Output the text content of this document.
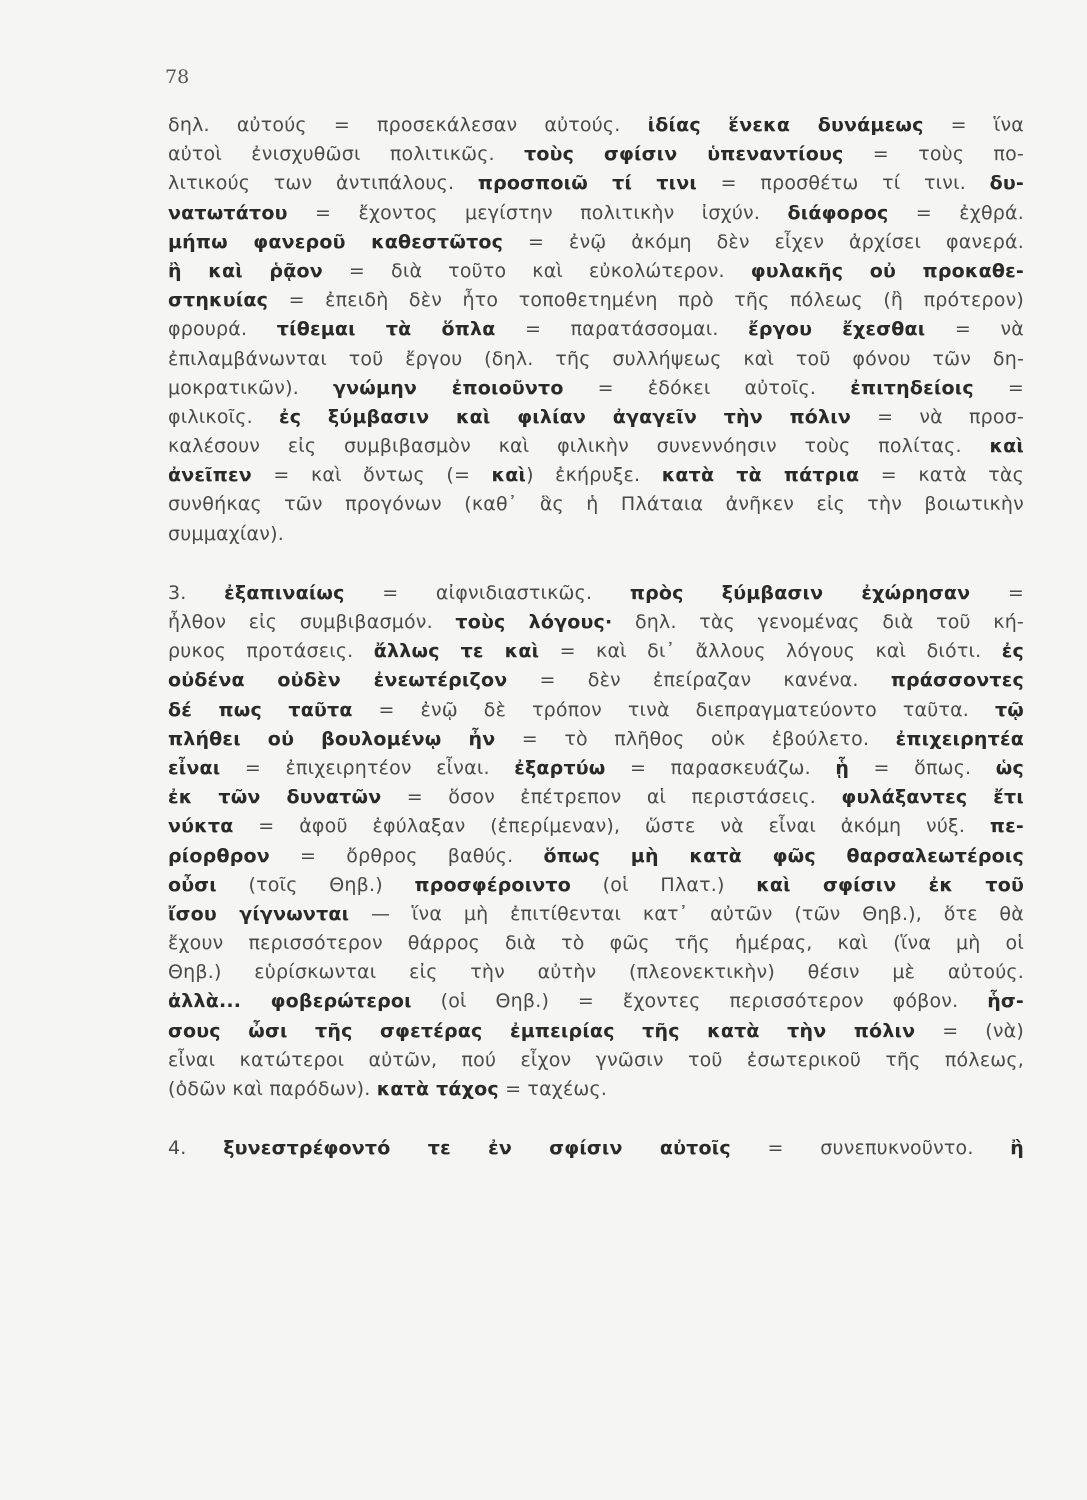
78
δηλ. αὐτούς = προσεκάλεσαν αὐτούς. ἰδίας ἕνεκα δυνάμεως = ἵνα
αὐτοὶ ἐνισχυθῶσι πολιτικῶς. τοὺς σφίσιν ὑπεναντίους = τοὺς πο-
λιτικούς των ἀντιπάλους. προσποιῶ τί τινι = προσθέτω τί τινι. δυ-
νατωτάτου = ἔχοντος μεγίστην πολιτικὴν ἰσχύν. διάφορος = ἐχθρά.
μήπω φανεροῦ καθεστῶτος = ἐνῷ ἀκόμη δὲν εἶχεν ἀρχίσει φανερά.
ἢ καὶ ῥᾷον = διὰ τοῦτο καὶ εὐκολώτερον. φυλακῆς οὐ προκαθε-
στηκυίας = ἐπειδὴ δὲν ἦτο τοποθετημένη πρὸ τῆς πόλεως (ἢ πρότερον)
φρουρά. τίθεμαι τὰ ὅπλα = παρατάσσομαι. ἔργου ἔχεσθαι = νὰ
ἐπιλαμβάνωνται τοῦ ἔργου (δηλ. τῆς συλλήψεως καὶ τοῦ φόνου τῶν δη-
μοκρατικῶν). γνώμην ἐποιοῦντο = ἐδόκει αὐτοῖς. ἐπιτηδείοις =
φιλικοῖς. ἐς ξύμβασιν καὶ φιλίαν ἀγαγεῖν τὴν πόλιν = νὰ προσ-
καλέσουν εἰς συμβιβασμὸν καὶ φιλικὴν συνεννόησιν τοὺς πολίτας. καὶ
ἀνεῖπεν = καὶ ὄντως (= καὶ) ἐκήρυξε. κατὰ τὰ πάτρια = κατὰ τὰς
συνθήκας τῶν προγόνων (καθ᾽ ἃς ἡ Πλάταια ἀνῆκεν εἰς τὴν βοιωτικὴν
συμμαχίαν).
3. ἐξαπιναίως = αἰφνιδιαστικῶς. πρὸς ξύμβασιν ἐχώρησαν =
ἦλθον εἰς συμβιβασμόν. τοὺς λόγους· δηλ. τὰς γενομένας διὰ τοῦ κή-
ρυκος προτάσεις. ἄλλως τε καὶ = καὶ δι᾽ ἄλλους λόγους καὶ διότι. ἐς
οὐδένα οὐδὲν ἐνεωτέριζον = δὲν ἐπείραζαν κανένα. πράσσοντες
δέ πως ταῦτα = ἐνῷ δὲ τρόπον τινὰ διεπραγματεύοντο ταῦτα. τῷ
πλήθει οὐ βουλομένῳ ἦν = τὸ πλῆθος οὐκ ἐβούλετο. ἐπιχειρητέα
εἶναι = ἐπιχειρητέον εἶναι. ἐξαρτύω = παρασκευάζω. ᾗ = ὅπως. ὡς
ἐκ τῶν δυνατῶν = ὅσον ἐπέτρεπον αἱ περιστάσεις. φυλάξαντες ἔτι
νύκτα = ἀφοῦ ἐφύλαξαν (ἐπερίμεναν), ὥστε νὰ εἶναι ἀκόμη νύξ. πε-
ρίορθρον = ὄρθρος βαθύς. ὅπως μὴ κατὰ φῶς θαρσαλεωτέροις
οὖσι (τοῖς Θηβ.) προσφέροιντο (οἱ Πλατ.) καὶ σφίσιν ἐκ τοῦ
ἴσου γίγνωνται — ἵνα μὴ ἐπιτίθενται κατ᾽ αὐτῶν (τῶν Θηβ.), ὅτε θὰ
ἔχουν περισσότερον θάρρος διὰ τὸ φῶς τῆς ἡμέρας, καὶ (ἵνα μὴ οἱ
Θηβ.) εὑρίσκωνται εἰς τὴν αὐτὴν (πλεονεκτικὴν) θέσιν μὲ αὐτούς.
ἀλλὰ... φοβερώτεροι (οἱ Θηβ.) = ἔχοντες περισσότερον φόβον. ἧσ-
σους ὦσι τῆς σφετέρας ἐμπειρίας τῆς κατὰ τὴν πόλιν = (νὰ)
εἶναι κατώτεροι αὐτῶν, πού εἶχον γνῶσιν τοῦ ἐσωτερικοῦ τῆς πόλεως,
(ὁδῶν καὶ παρόδων). κατὰ τάχος = ταχέως.
4. ξυνεστρέφοντό τε ἐν σφίσιν αὐτοῖς = συνεπυκνοῦντο. ἢ
